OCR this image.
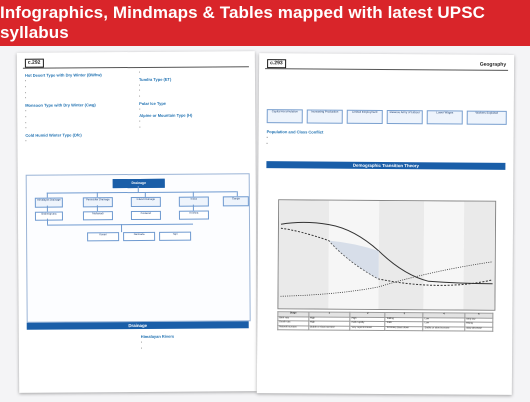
Infographics, Mindmaps & Tables mapped with latest UPSC syllabus
c.292
Hot Desert Type with Dry Winter (BWhw)
▪
▪
▪
▪
Monsoon Type with Dry Winter (Cwg)
▪
▪
▪
▪
Cold Humid Winter Type (Dfc)
▪
▪
Tundra Type (ET)
▪
▪
▪
Polar Ice Type
▪
Alpine or Mountain Type (H)
▪
▪
Drainage
Himalayan Drainage	Peninsular Drainage	Inland Drainage	Indus	Ganga
Brahmaputra	Mahanadi	Godavari	Krishna
Kaveri	Narmada	Tapi
Drainage

Himalayan Rivers
▪
▪
Geography
c.293

Capital Accumulation	Increasing Production	Limited Employment	Reserve Army of Labour	Lower Wages	Workers Exploited
Population and Class Conflict
▪
▪
Demographic Transition Theory

Stage	1	2	3	4	5
Birth rate	High	High	Falling	Low	Very low
Death rate	High	Falls rapidly	Falls	Low	Rising
Natural increase	Stable or slow increase	Very rapid increase	Increase slows down	Stable or slow increase	Slow decrease
